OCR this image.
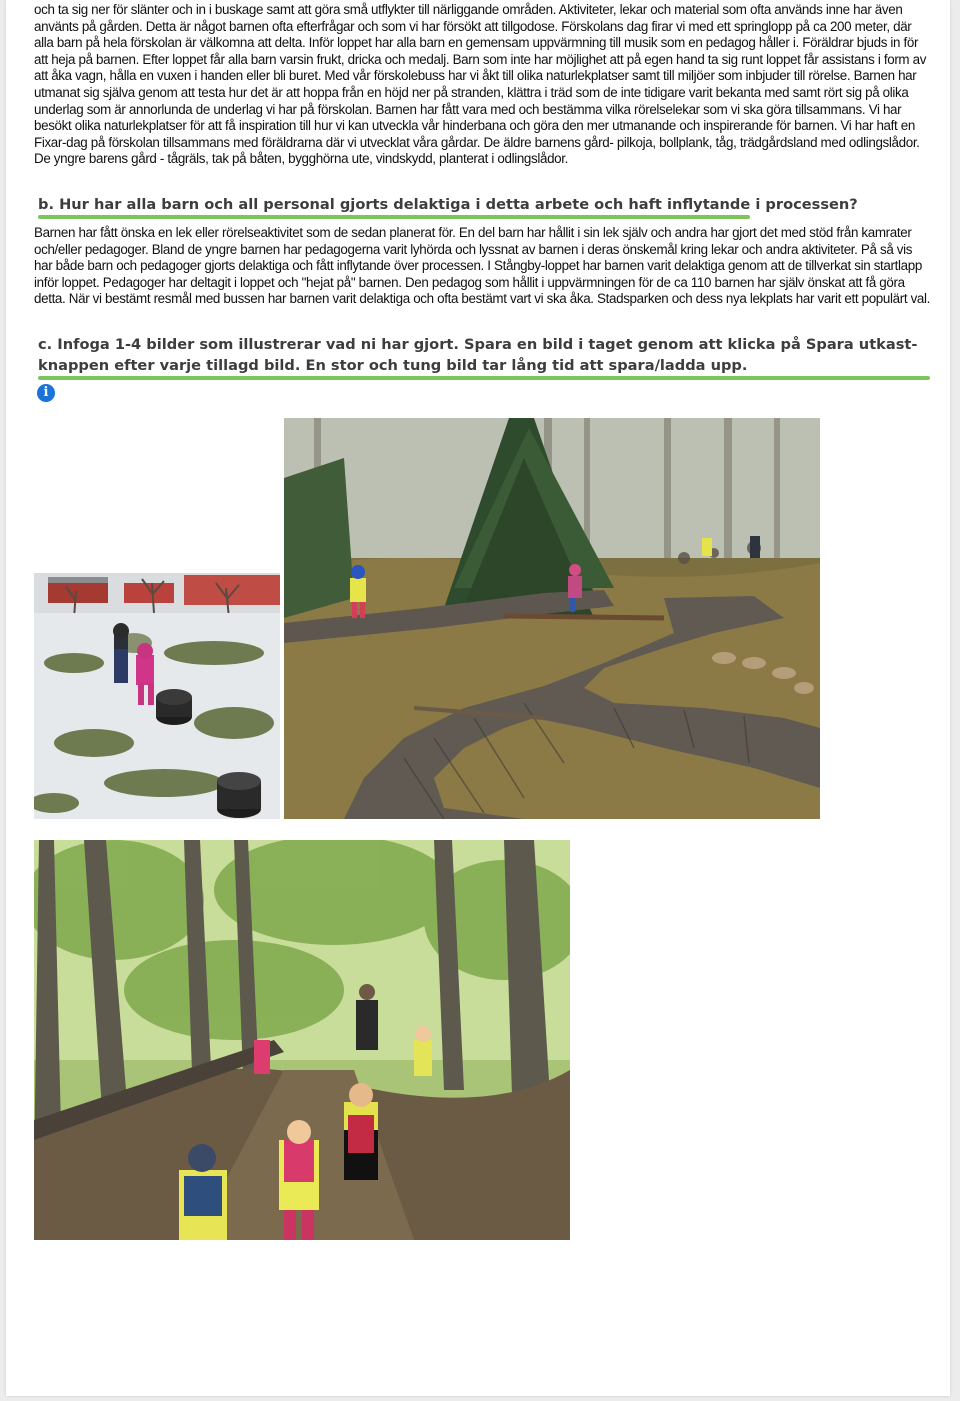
och ta sig ner för slänter och in i buskage samt att göra små utflykter till närliggande områden. Aktiviteter, lekar och material som ofta används inne har även använts på gården. Detta är något barnen ofta efterfrågar och som vi har försökt att tillgodose. Förskolans dag firar vi med ett springlopp på ca 200 meter, där alla barn på hela förskolan är välkomna att delta. Inför loppet har alla barn en gemensam uppvärmning till musik som en pedagog håller i. Föräldrar bjuds in för att heja på barnen. Efter loppet får alla barn varsin frukt, dricka och medalj. Barn som inte har möjlighet att på egen hand ta sig runt loppet får assistans i form av att åka vagn, hålla en vuxen i handen eller bli buret. Med vår förskolebuss har vi åkt till olika naturlekplatser samt till miljöer som inbjuder till rörelse. Barnen har utmanat sig själva genom att testa hur det är att hoppa från en höjd ner på stranden, klättra i träd som de inte tidigare varit bekanta med samt rört sig på olika underlag som är annorlunda de underlag vi har på förskolan. Barnen har fått vara med och bestämma vilka rörelselekar som vi ska göra tillsammans. Vi har besökt olika naturlekplatser för att få inspiration till hur vi kan utveckla vår hinderbana och göra den mer utmanande och inspirerande för barnen. Vi har haft en Fixar-dag på förskolan tillsammans med föräldrarna där vi utvecklat våra gårdar. De äldre barnens gård- pilkoja, bollplank, tåg, trädgårdsland med odlingslådor. De yngre barens gård - tågräls, tak på båten, bygghörna ute, vindskydd, planterat i odlingslådor.

b. Hur har alla barn och all personal gjorts delaktiga i detta arbete och haft inflytande i processen?

Barnen har fått önska en lek eller rörelseaktivitet som de sedan planerat för. En del barn har hållit i sin lek själv och andra har gjort det med stöd från kamrater och/eller pedagoger. Bland de yngre barnen har pedagogerna varit lyhörda och lyssnat av barnen i deras önskemål kring lekar och andra aktiviteter. På så vis har både barn och pedagoger gjorts delaktiga och fått inflytande över processen. I Stångby-loppet har barnen varit delaktiga genom att de tillverkat sin startlapp inför loppet. Pedagoger har deltagit i loppet och "hejat på" barnen. Den pedagog som hållit i uppvärmningen för de ca 110 barnen har själv önskat att få göra detta. När vi bestämt resmål med bussen har barnen varit delaktiga och ofta bestämt vart vi ska åka. Stadsparken och dess nya lekplats har varit ett populärt val.

c. Infoga 1-4 bilder som illustrerar vad ni har gjort. Spara en bild i taget genom att klicka på Spara utkast-knappen efter varje tillagd bild. En stor och tung bild tar lång tid att spara/ladda upp.
i
